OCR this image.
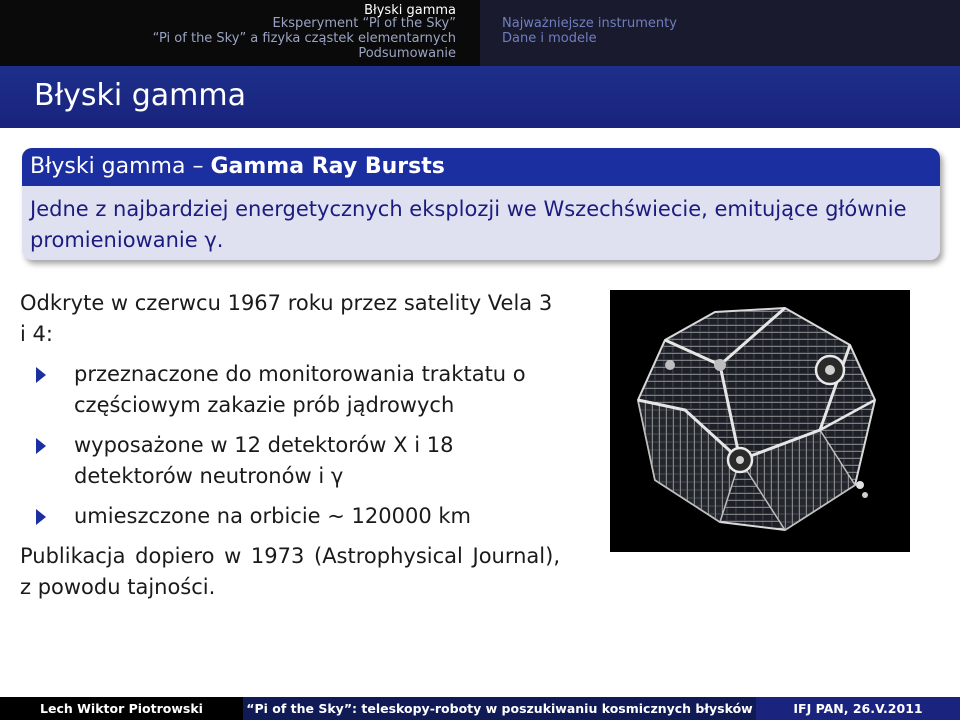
Błyski gamma
Eksperyment “Pi of the Sky”
“Pi of the Sky” a fizyka cząstek elementarnych
Podsumowanie
Najważniejsze instrumenty
Dane i modele
Błyski gamma
Błyski gamma – Gamma Ray Bursts
Jedne z najbardziej energetycznych eksplozji we Wszechświecie, emitujące głównie promieniowanie γ.
Odkryte w czerwcu 1967 roku przez satelity Vela 3 i 4:
przeznaczone do monitorowania traktatu o częściowym zakazie prób jądrowych
wyposażone w 12 detektorów X i 18 detektorów neutronów i γ
umieszczone na orbicie ∼ 120000 km
Publikacja dopiero w 1973 (Astrophysical Journal), z powodu tajności.
Lech Wiktor Piotrowski	“Pi of the Sky”: teleskopy-roboty w poszukiwaniu kosmicznych błysków	IFJ PAN, 26.V.2011
